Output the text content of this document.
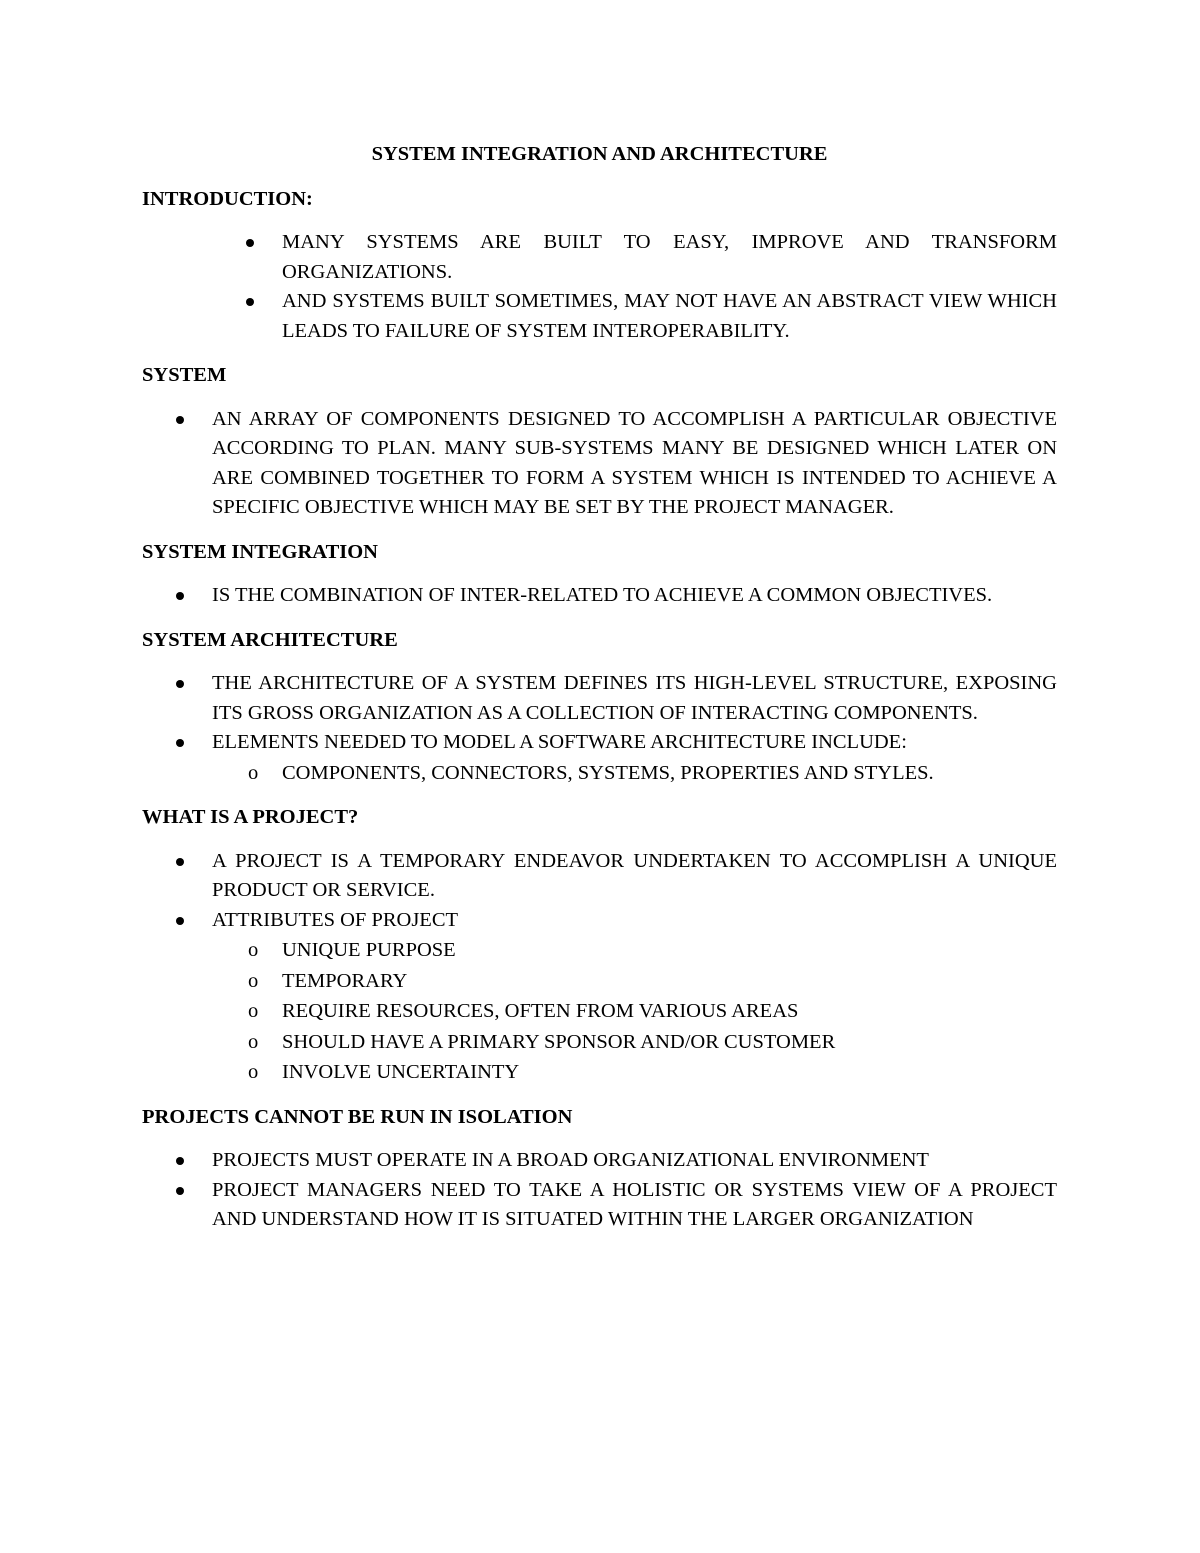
SYSTEM INTEGRATION AND ARCHITECTURE
INTRODUCTION:
MANY SYSTEMS ARE BUILT TO EASY, IMPROVE AND TRANSFORM ORGANIZATIONS.
AND SYSTEMS BUILT SOMETIMES, MAY NOT HAVE AN ABSTRACT VIEW WHICH LEADS TO FAILURE OF SYSTEM INTEROPERABILITY.
SYSTEM
AN ARRAY OF COMPONENTS DESIGNED TO ACCOMPLISH A PARTICULAR OBJECTIVE ACCORDING TO PLAN. MANY SUB-SYSTEMS MANY BE DESIGNED WHICH LATER ON ARE COMBINED TOGETHER TO FORM A SYSTEM WHICH IS INTENDED TO ACHIEVE A SPECIFIC OBJECTIVE WHICH MAY BE SET BY THE PROJECT MANAGER.
SYSTEM INTEGRATION
IS THE COMBINATION OF INTER-RELATED TO ACHIEVE A COMMON OBJECTIVES.
SYSTEM ARCHITECTURE
THE ARCHITECTURE OF A SYSTEM DEFINES ITS HIGH-LEVEL STRUCTURE, EXPOSING ITS GROSS ORGANIZATION AS A COLLECTION OF INTERACTING COMPONENTS.
ELEMENTS NEEDED TO MODEL A SOFTWARE ARCHITECTURE INCLUDE:
o COMPONENTS, CONNECTORS, SYSTEMS, PROPERTIES AND STYLES.
WHAT IS A PROJECT?
A PROJECT IS A TEMPORARY ENDEAVOR UNDERTAKEN TO ACCOMPLISH A UNIQUE PRODUCT OR SERVICE.
ATTRIBUTES OF PROJECT
o UNIQUE PURPOSE
o TEMPORARY
o REQUIRE RESOURCES, OFTEN FROM VARIOUS AREAS
o SHOULD HAVE A PRIMARY SPONSOR AND/OR CUSTOMER
o INVOLVE UNCERTAINTY
PROJECTS CANNOT BE RUN IN ISOLATION
PROJECTS MUST OPERATE IN A BROAD ORGANIZATIONAL ENVIRONMENT
PROJECT MANAGERS NEED TO TAKE A HOLISTIC OR SYSTEMS VIEW OF A PROJECT AND UNDERSTAND HOW IT IS SITUATED WITHIN THE LARGER ORGANIZATION
